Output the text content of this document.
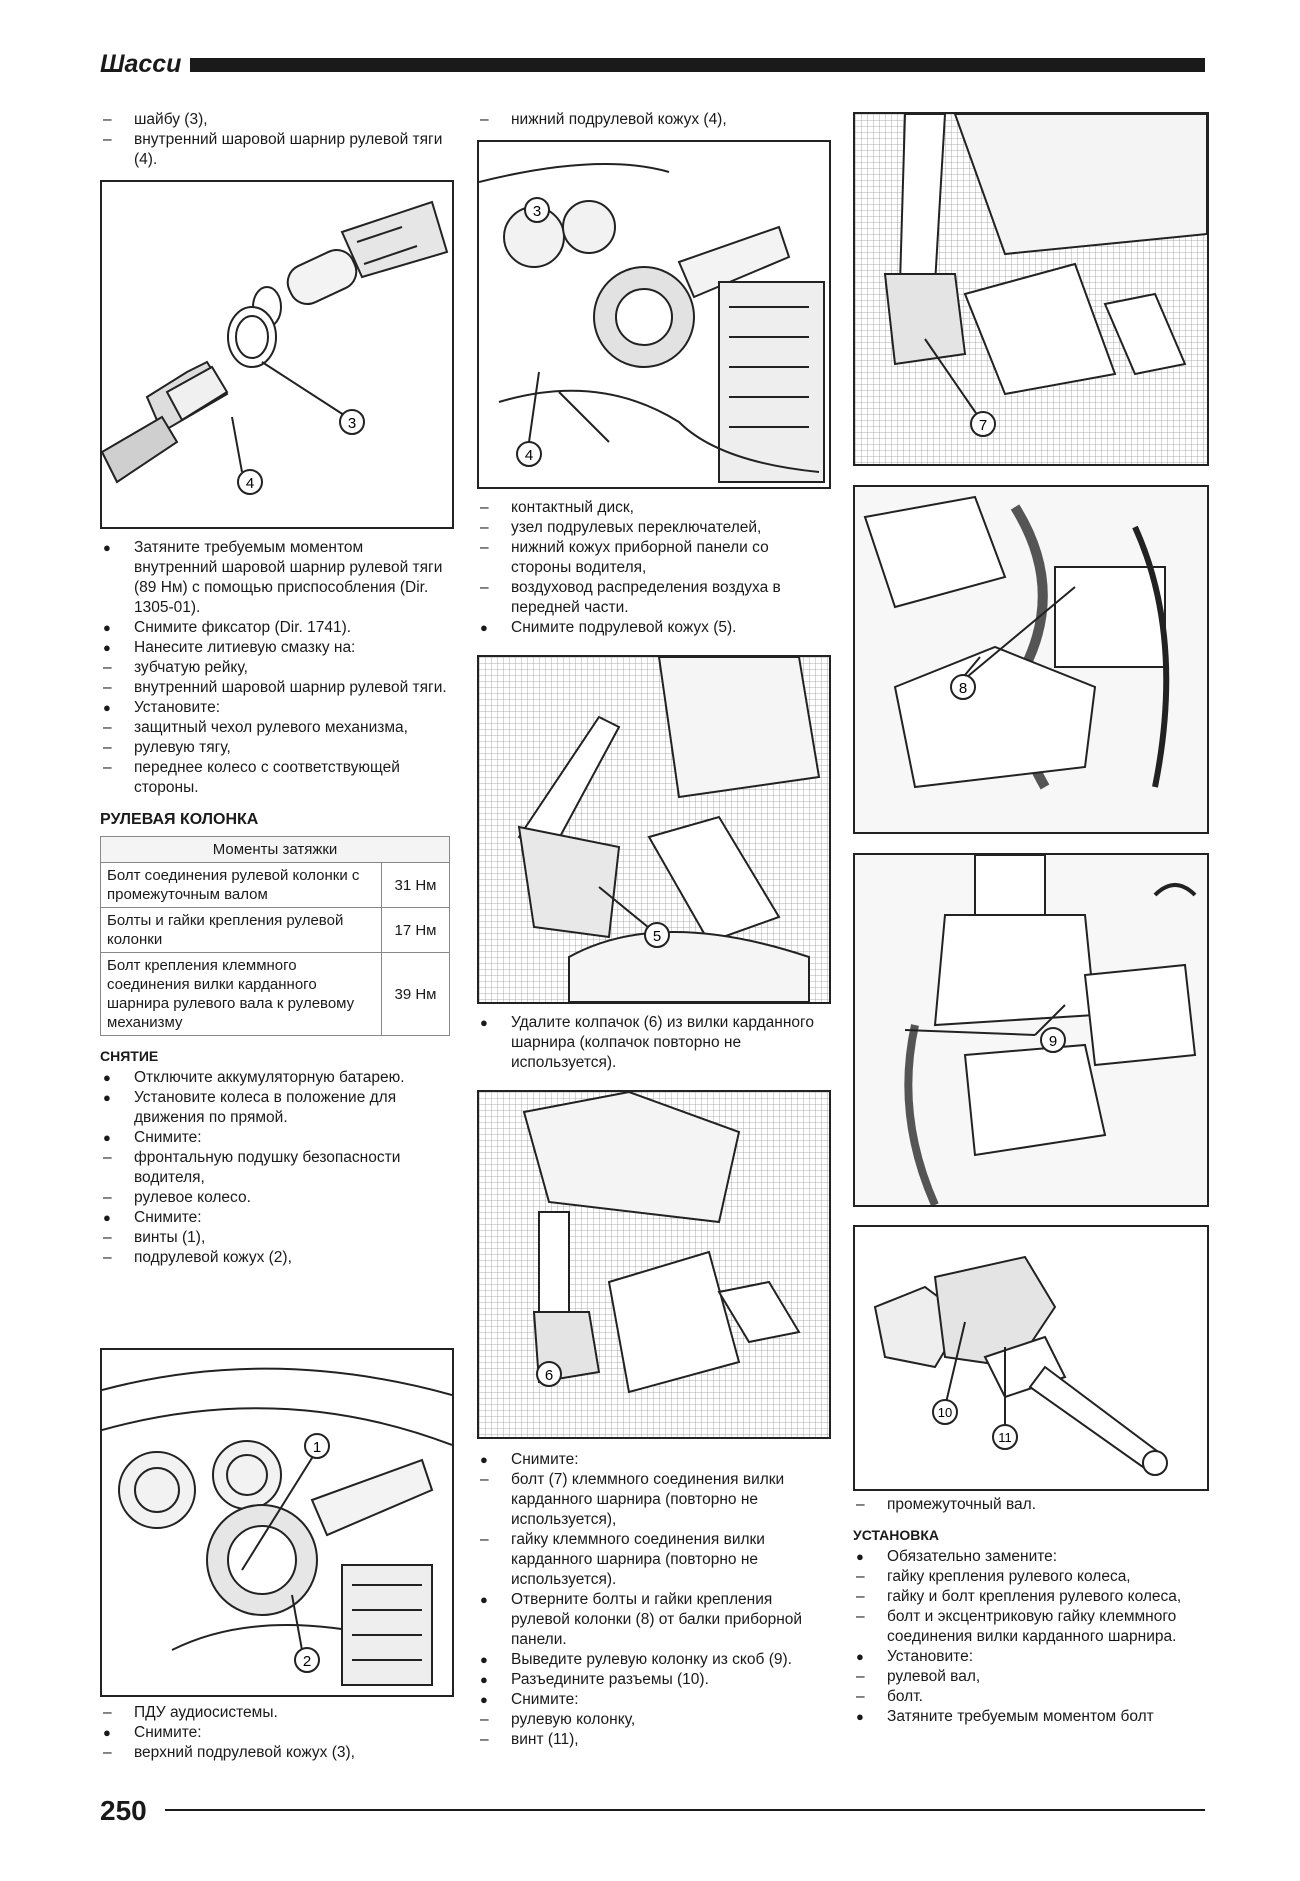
Шасси
– шайбу (3),
– внутренний шаровой шарнир рулевой тяги (4).
3
4
● Затяните требуемым моментом внутренний шаровой шарнир рулевой тяги (89 Нм) с помощью приспособления (Dir. 1305-01).
● Снимите фиксатор (Dir. 1741).
● Нанесите литиевую смазку на:
– зубчатую рейку,
– внутренний шаровой шарнир рулевой тяги.
● Установите:
– защитный чехол рулевого механизма,
– рулевую тягу,
– переднее колесо с соответствующей стороны.
РУЛЕВАЯ КОЛОНКА
Моменты затяжки	
Болт соединения рулевой колонки с промежуточным валом	31 Нм
Болты и гайки крепления рулевой колонки	17 Нм
Болт крепления клеммного соединения вилки карданного шарнира рулевого вала к рулевому механизму	39 Нм
СНЯТИЕ
● Отключите аккумуляторную батарею.
● Установите колеса в положение для движения по прямой.
● Снимите:
– фронтальную подушку безопасности водителя,
– рулевое колесо.
● Снимите:
– винты (1),
– подрулевой кожух (2),
1
2
– ПДУ аудиосистемы.
● Снимите:
– верхний подрулевой кожух (3),
– нижний подрулевой кожух (4),
3
4
– контактный диск,
– узел подрулевых переключателей,
– нижний кожух приборной панели со стороны водителя,
– воздуховод распределения воздуха в передней части.
● Снимите подрулевой кожух (5).
5
● Удалите колпачок (6) из вилки карданного шарнира (колпачок повторно не используется).
6
● Снимите:
– болт (7) клеммного соединения вилки карданного шарнира (повторно не используется),
– гайку клеммного соединения вилки карданного шарнира (повторно не используется).
● Отверните болты и гайки крепления рулевой колонки (8) от балки приборной панели.
● Выведите рулевую колонку из скоб (9).
● Разъедините разъемы (10).
● Снимите:
– рулевую колонку,
– винт (11),
7
8
9
10
11
– промежуточный вал.
УСТАНОВКА
● Обязательно замените:
– гайку крепления рулевого колеса,
– гайку и болт крепления рулевого колеса,
– болт и эксцентриковую гайку клеммного соединения вилки карданного шарнира.
● Установите:
– рулевой вал,
– болт.
● Затяните требуемым моментом болт
250
